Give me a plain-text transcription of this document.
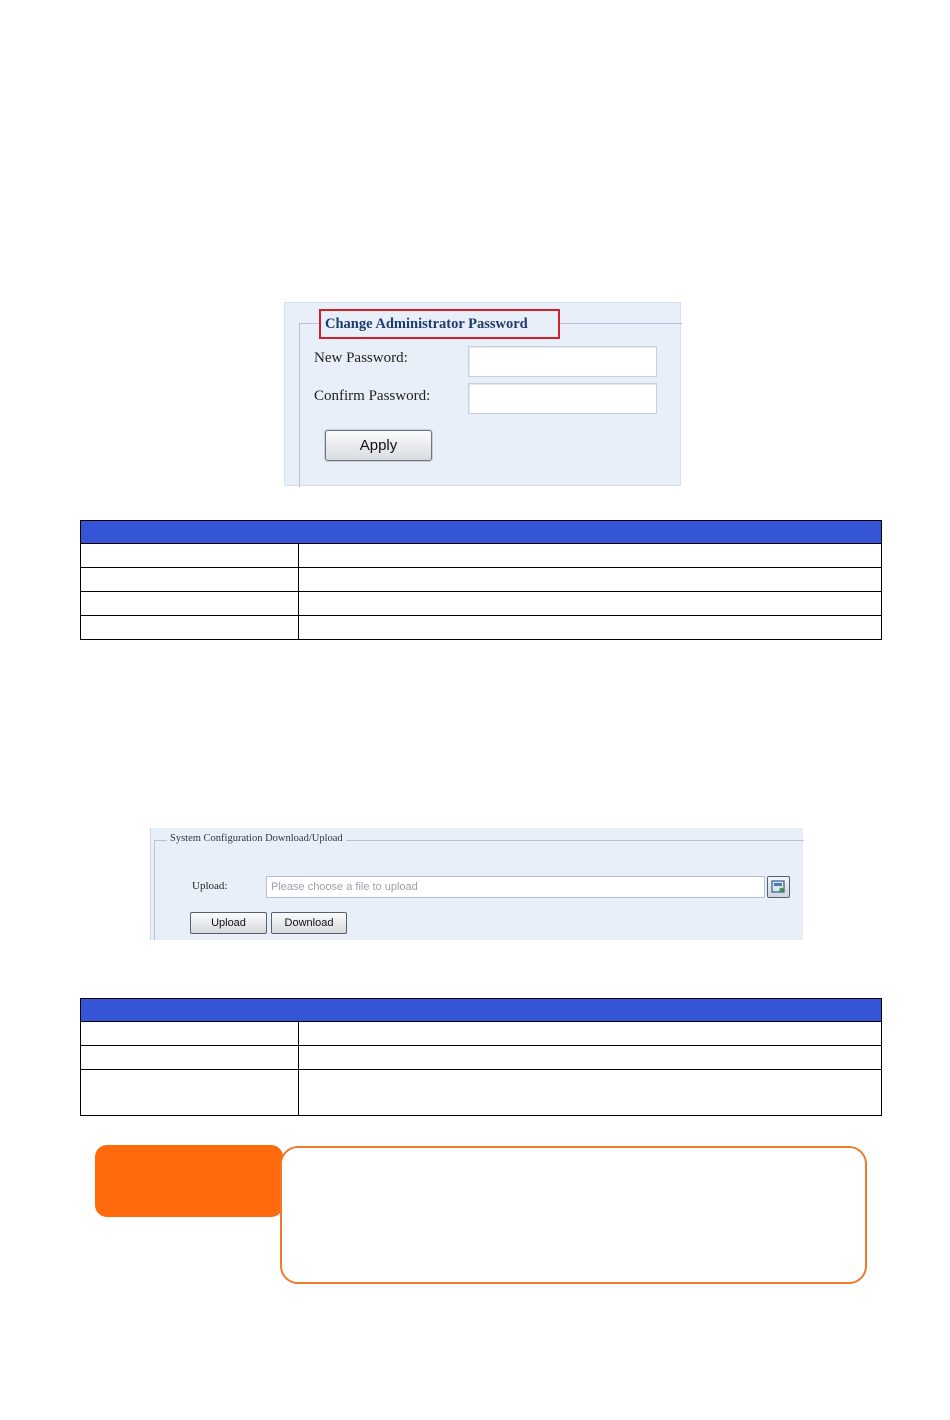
Change Administrator Password
New Password:
Confirm Password:
Apply

System Configuration Download/Upload
Upload:	Please choose a file to upload
Upload	Download
